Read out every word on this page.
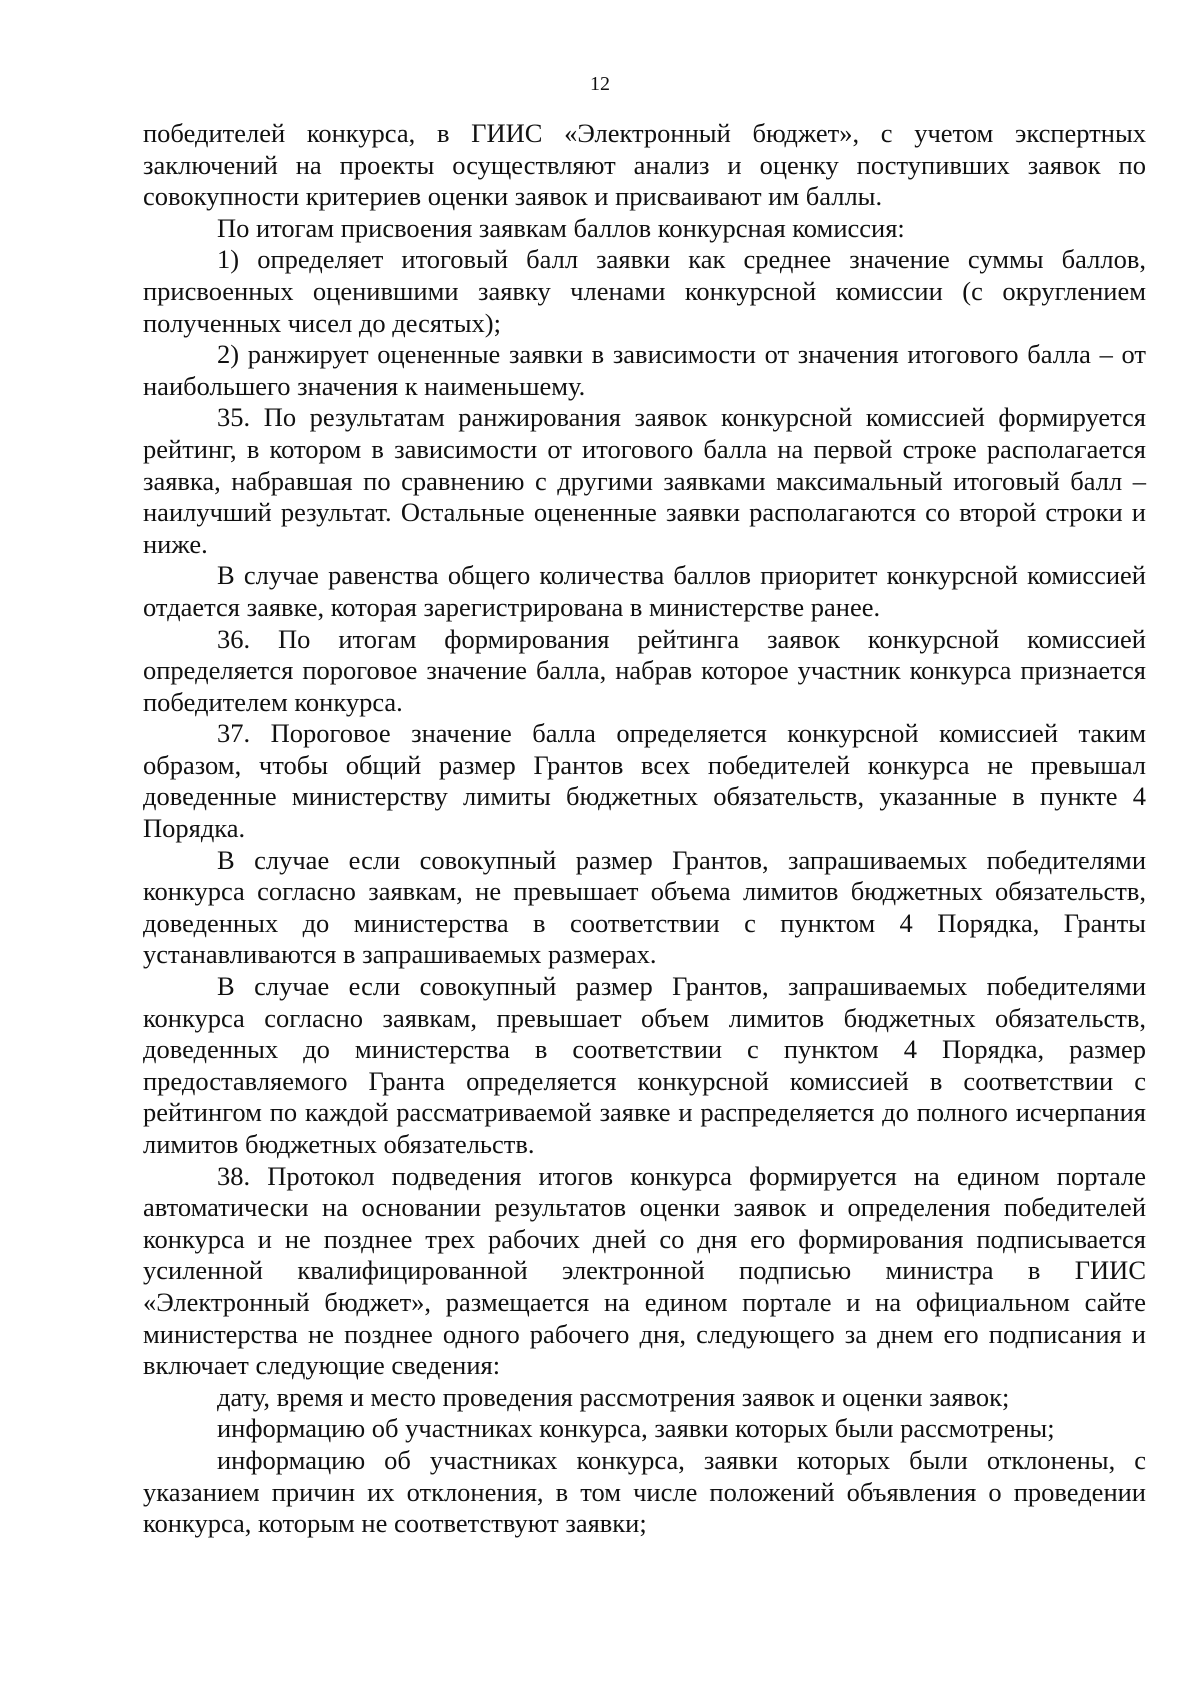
12

победителей конкурса, в ГИИС «Электронный бюджет», с учетом экспертных заключений на проекты осуществляют анализ и оценку поступивших заявок по совокупности критериев оценки заявок и присваивают им баллы.

По итогам присвоения заявкам баллов конкурсная комиссия:

1) определяет итоговый балл заявки как среднее значение суммы баллов, присвоенных оценившими заявку членами конкурсной комиссии (с округлением полученных чисел до десятых);

2) ранжирует оцененные заявки в зависимости от значения итогового балла – от наибольшего значения к наименьшему.

35. По результатам ранжирования заявок конкурсной комиссией формируется рейтинг, в котором в зависимости от итогового балла на первой строке располагается заявка, набравшая по сравнению с другими заявками максимальный итоговый балл – наилучший результат. Остальные оцененные заявки располагаются со второй строки и ниже.

В случае равенства общего количества баллов приоритет конкурсной комиссией отдается заявке, которая зарегистрирована в министерстве ранее.

36. По итогам формирования рейтинга заявок конкурсной комиссией определяется пороговое значение балла, набрав которое участник конкурса признается победителем конкурса.

37. Пороговое значение балла определяется конкурсной комиссией таким образом, чтобы общий размер Грантов всех победителей конкурса не превышал доведенные министерству лимиты бюджетных обязательств, указанные в пункте 4 Порядка.

В случае если совокупный размер Грантов, запрашиваемых победителями конкурса согласно заявкам, не превышает объема лимитов бюджетных обязательств, доведенных до министерства в соответствии с пунктом 4 Порядка, Гранты устанавливаются в запрашиваемых размерах.

В случае если совокупный размер Грантов, запрашиваемых победителями конкурса согласно заявкам, превышает объем лимитов бюджетных обязательств, доведенных до министерства в соответствии с пунктом 4 Порядка, размер предоставляемого Гранта определяется конкурсной комиссией в соответствии с рейтингом по каждой рассматриваемой заявке и распределяется до полного исчерпания лимитов бюджетных обязательств.

38. Протокол подведения итогов конкурса формируется на едином портале автоматически на основании результатов оценки заявок и определения победителей конкурса и не позднее трех рабочих дней со дня его формирования подписывается усиленной квалифицированной электронной подписью министра в ГИИС «Электронный бюджет», размещается на едином портале и на официальном сайте министерства не позднее одного рабочего дня, следующего за днем его подписания и включает следующие сведения:

дату, время и место проведения рассмотрения заявок и оценки заявок;

информацию об участниках конкурса, заявки которых были рассмотрены;

информацию об участниках конкурса, заявки которых были отклонены, с указанием причин их отклонения, в том числе положений объявления о проведении конкурса, которым не соответствуют заявки;
